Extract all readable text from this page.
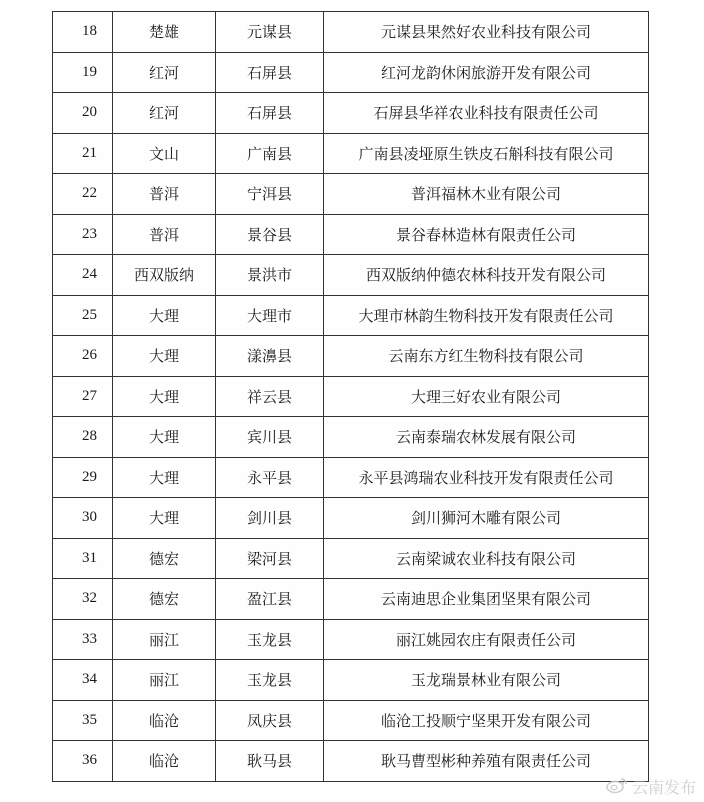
18	楚雄	元谋县	元谋县果然好农业科技有限公司
19	红河	石屏县	红河龙韵休闲旅游开发有限公司
20	红河	石屏县	石屏县华祥农业科技有限责任公司
21	文山	广南县	广南县凌垭原生铁皮石斛科技有限公司
22	普洱	宁洱县	普洱福林木业有限公司
23	普洱	景谷县	景谷春林造林有限责任公司
24	西双版纳	景洪市	西双版纳仲德农林科技开发有限公司
25	大理	大理市	大理市林韵生物科技开发有限责任公司
26	大理	漾濞县	云南东方红生物科技有限公司
27	大理	祥云县	大理三好农业有限公司
28	大理	宾川县	云南泰瑞农林发展有限公司
29	大理	永平县	永平县鸿瑞农业科技开发有限责任公司
30	大理	剑川县	剑川狮河木雕有限公司
31	德宏	梁河县	云南梁诚农业科技有限公司
32	德宏	盈江县	云南迪思企业集团坚果有限公司
33	丽江	玉龙县	丽江姚园农庄有限责任公司
34	丽江	玉龙县	玉龙瑞景林业有限公司
35	临沧	凤庆县	临沧工投顺宁坚果开发有限公司
36	临沧	耿马县	耿马曹型彬种养殖有限责任公司
云南发布
